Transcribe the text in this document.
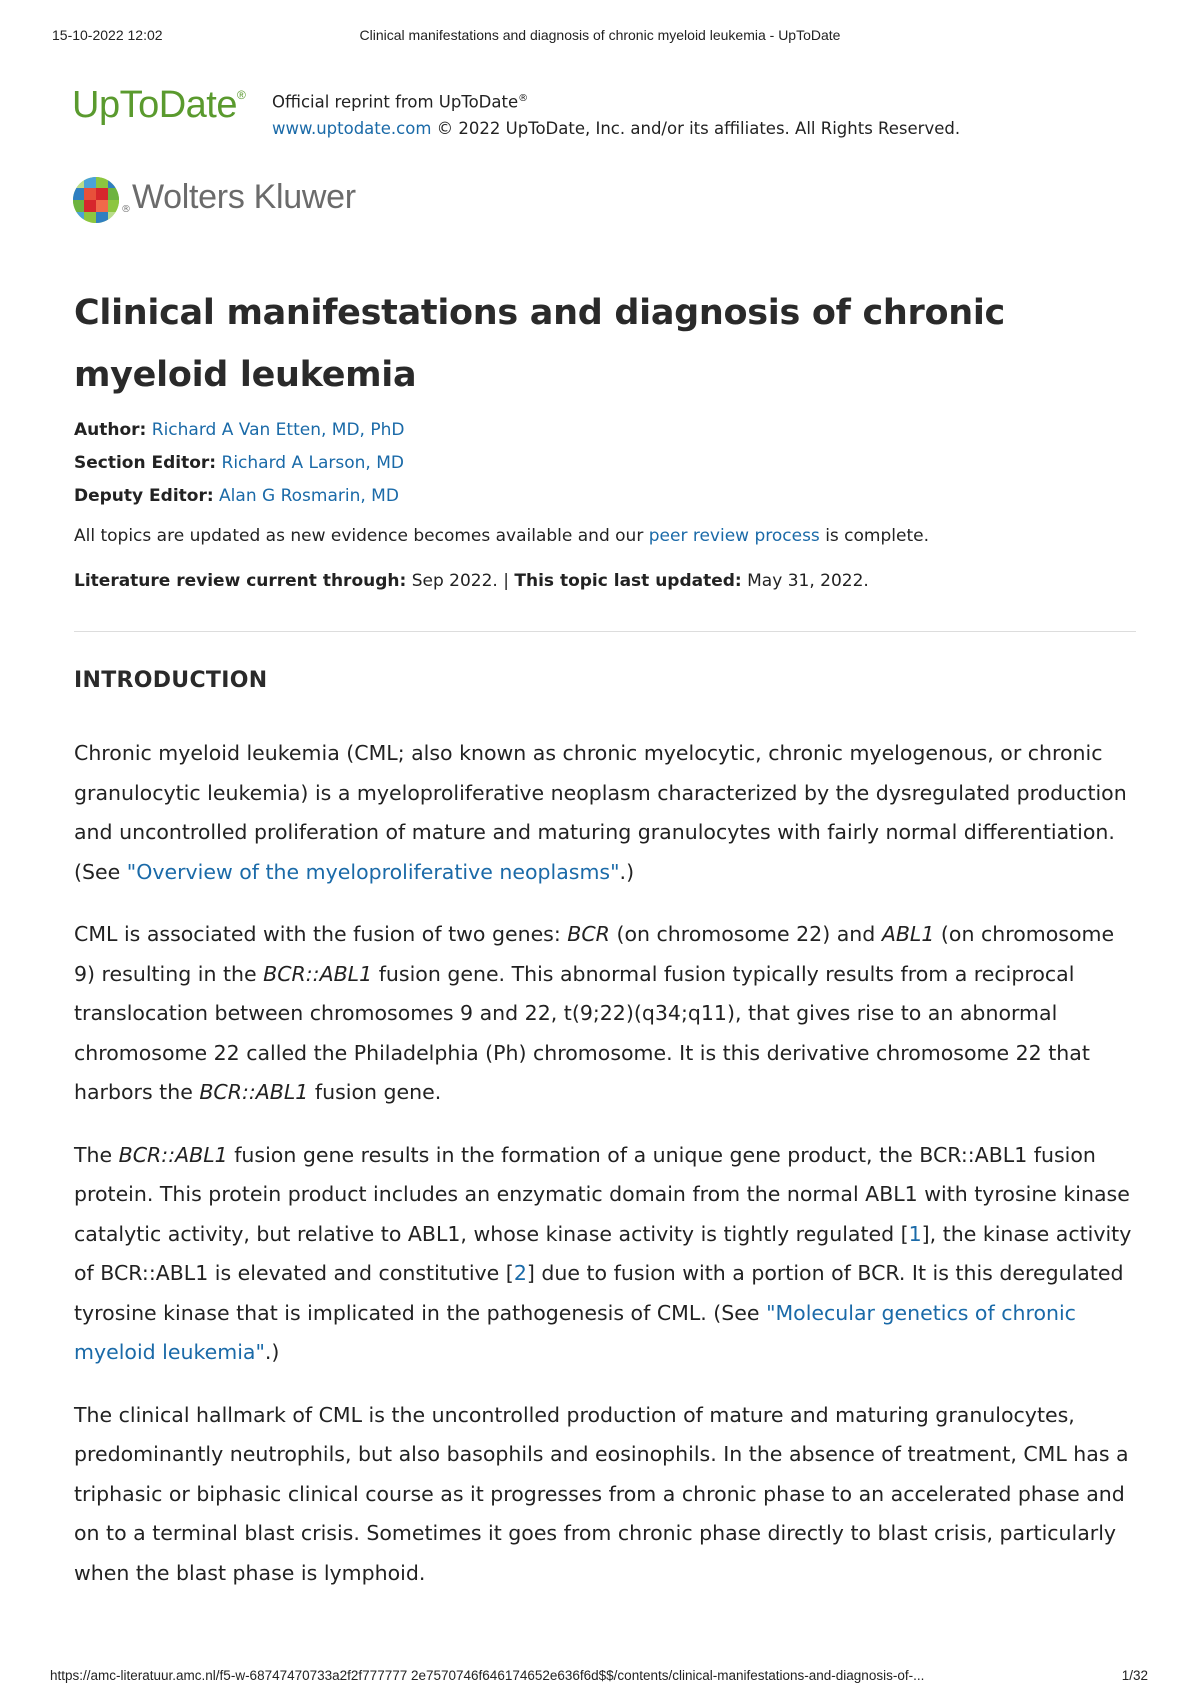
15-10-2022 12:02	Clinical manifestations and diagnosis of chronic myeloid leukemia - UpToDate
UpToDate® Official reprint from UpToDate®
www.uptodate.com © 2022 UpToDate, Inc. and/or its affiliates. All Rights Reserved.
® Wolters Kluwer
Clinical manifestations and diagnosis of chronic myeloid leukemia
Author: Richard A Van Etten, MD, PhD
Section Editor: Richard A Larson, MD
Deputy Editor: Alan G Rosmarin, MD
All topics are updated as new evidence becomes available and our peer review process is complete.
Literature review current through: Sep 2022. | This topic last updated: May 31, 2022.
INTRODUCTION

Chronic myeloid leukemia (CML; also known as chronic myelocytic, chronic myelogenous, or chronic granulocytic leukemia) is a myeloproliferative neoplasm characterized by the dysregulated production and uncontrolled proliferation of mature and maturing granulocytes with fairly normal differentiation. (See "Overview of the myeloproliferative neoplasms".)

CML is associated with the fusion of two genes: BCR (on chromosome 22) and ABL1 (on chromosome 9) resulting in the BCR::ABL1 fusion gene. This abnormal fusion typically results from a reciprocal translocation between chromosomes 9 and 22, t(9;22)(q34;q11), that gives rise to an abnormal chromosome 22 called the Philadelphia (Ph) chromosome. It is this derivative chromosome 22 that harbors the BCR::ABL1 fusion gene.

The BCR::ABL1 fusion gene results in the formation of a unique gene product, the BCR::ABL1 fusion protein. This protein product includes an enzymatic domain from the normal ABL1 with tyrosine kinase catalytic activity, but relative to ABL1, whose kinase activity is tightly regulated [1], the kinase activity of BCR::ABL1 is elevated and constitutive [2] due to fusion with a portion of BCR. It is this deregulated tyrosine kinase that is implicated in the pathogenesis of CML. (See "Molecular genetics of chronic myeloid leukemia".)

The clinical hallmark of CML is the uncontrolled production of mature and maturing granulocytes, predominantly neutrophils, but also basophils and eosinophils. In the absence of treatment, CML has a triphasic or biphasic clinical course as it progresses from a chronic phase to an accelerated phase and on to a terminal blast crisis. Sometimes it goes from chronic phase directly to blast crisis, particularly when the blast phase is lymphoid.

https://amc-literatuur.amc.nl/f5-w-68747470733a2f2f777777 2e7570746f646174652e636f6d$$/contents/clinical-manifestations-and-diagnosis-of-...	1/32
